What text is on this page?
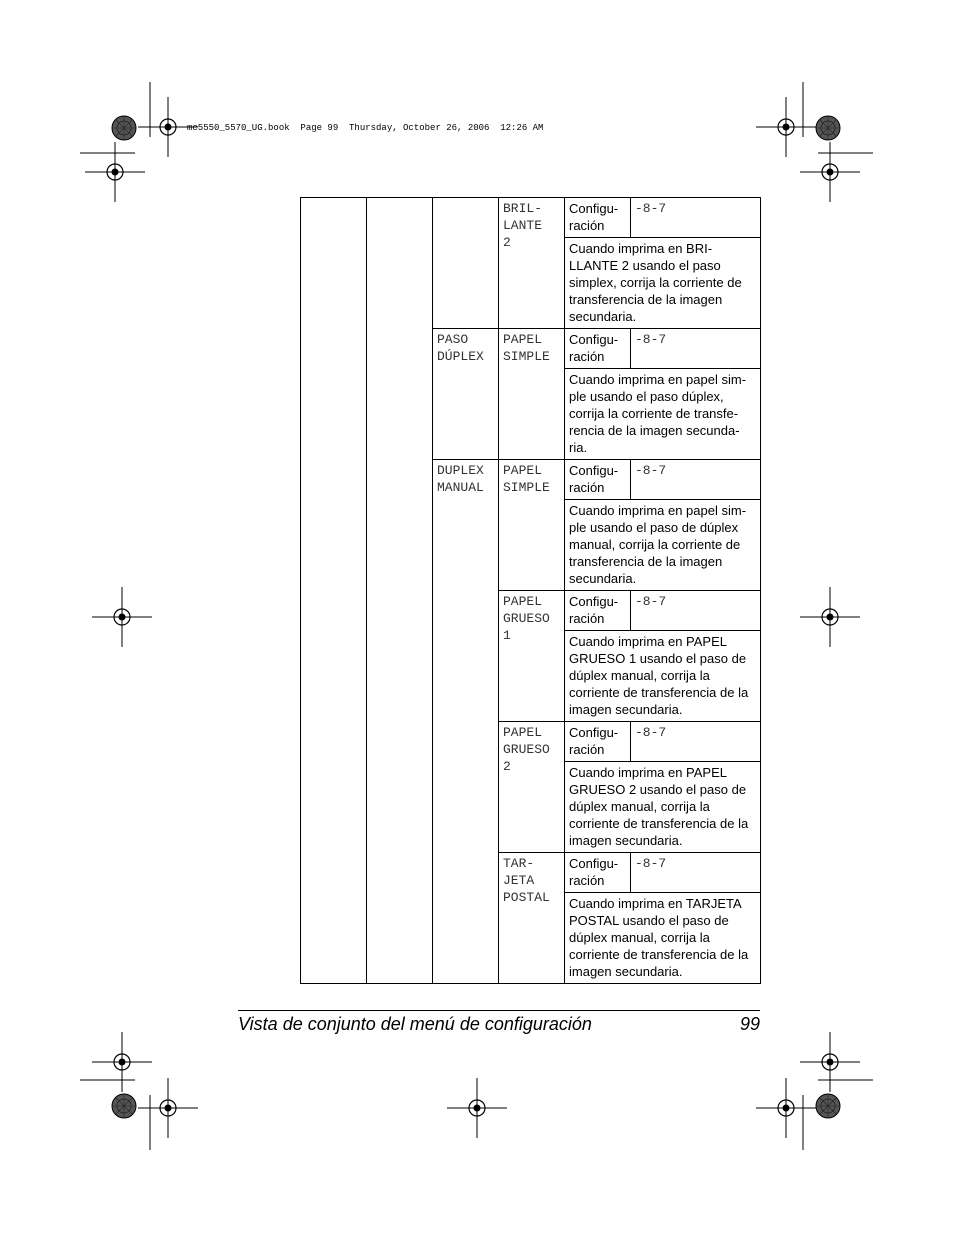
mc5550_5570_UG.book  Page 99  Thursday, October 26, 2006  12:26 AM
			BRIL-
LANTE
2	Configu-
ración	-8-7
				Cuando imprima en BRI-LLANTE 2 usando el paso simplex, corrija la corriente de transferencia de la imagen secundaria.	
		PASO
DÚPLEX	PAPEL
SIMPLE	Configu-
ración	-8-7
				Cuando imprima en papel sim-ple usando el paso dúplex, corrija la corriente de transfe-rencia de la imagen secunda-ria.	
		DUPLEX
MANUAL	PAPEL
SIMPLE	Configu-
ración	-8-7
				Cuando imprima en papel sim-ple usando el paso de dúplex manual, corrija la corriente de transferencia de la imagen secundaria.	
			PAPEL
GRUESO
1	Configu-
ración	-8-7
				Cuando imprima en PAPEL GRUESO 1 usando el paso de dúplex manual, corrija la corriente de transferencia de la imagen secundaria.	
			PAPEL
GRUESO
2	Configu-
ración	-8-7
				Cuando imprima en PAPEL GRUESO 2 usando el paso de dúplex manual, corrija la corriente de transferencia de la imagen secundaria.	
			TAR-
JETA
POSTAL	Configu-
ración	-8-7
				Cuando imprima en TARJETA POSTAL usando el paso de dúplex manual, corrija la corriente de transferencia de la imagen secundaria.	
Vista de conjunto del menú de configuración	99
